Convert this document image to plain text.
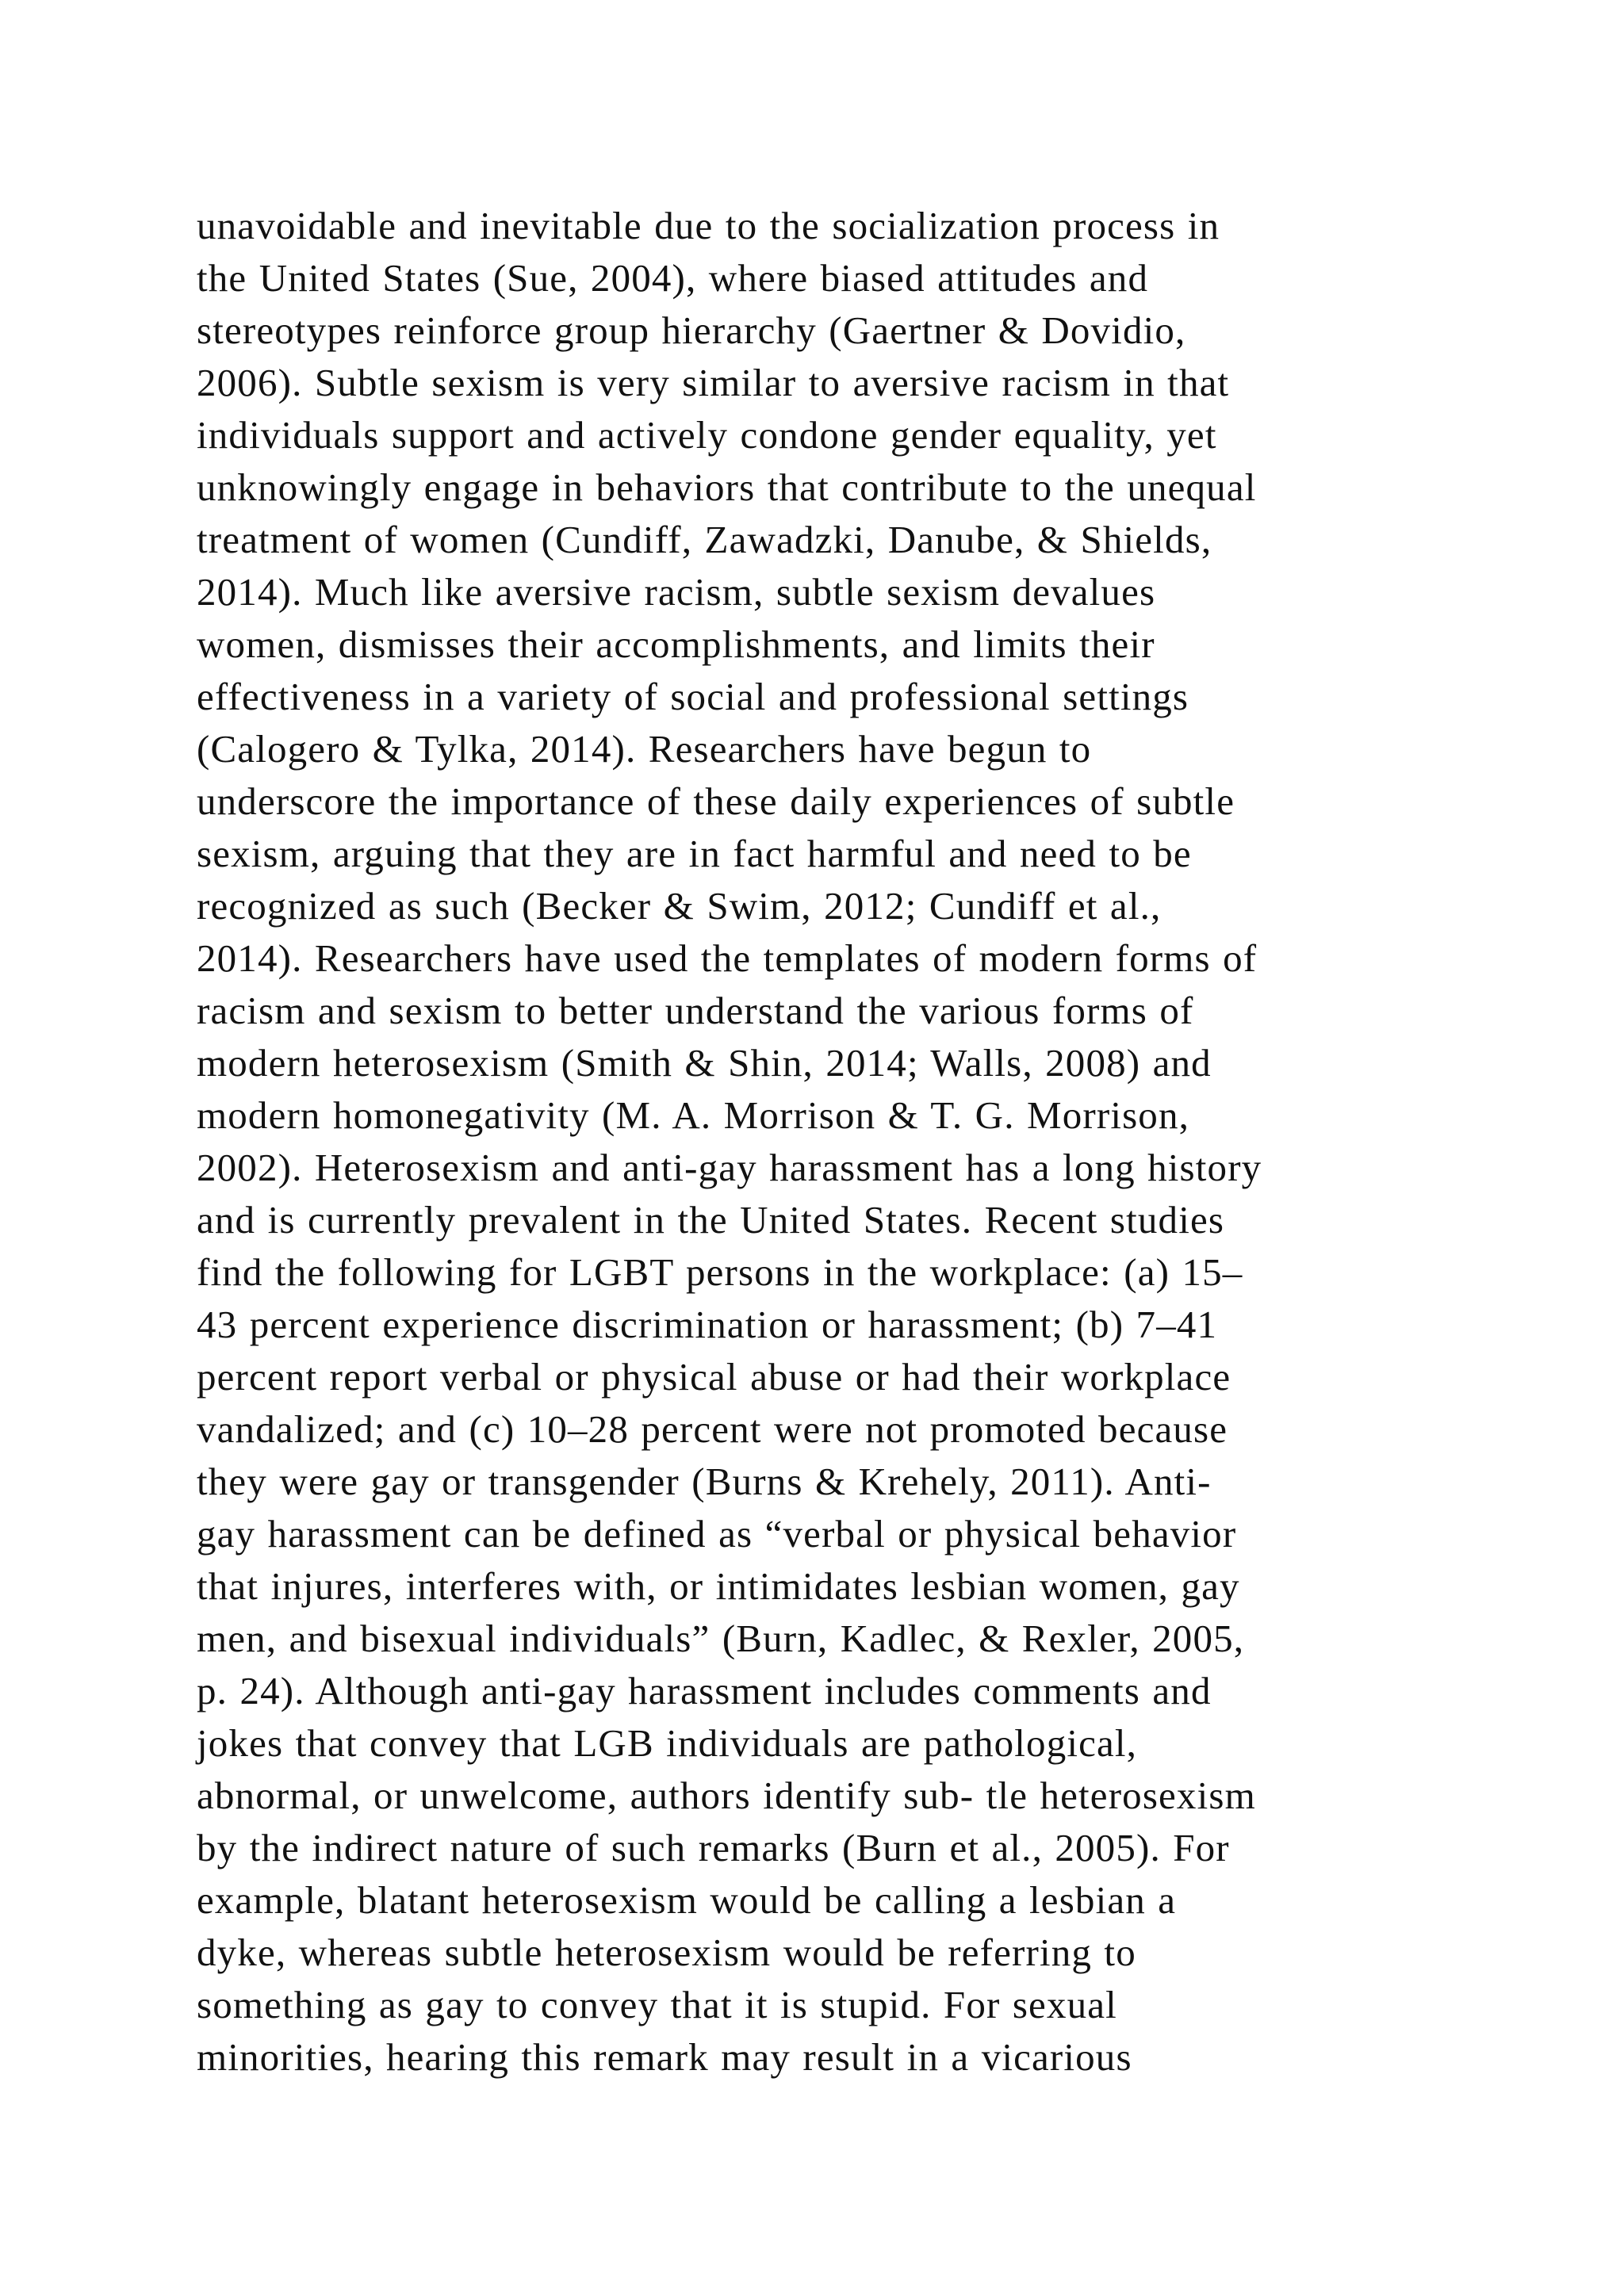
unavoidable and inevitable due to the socialization process in
the United States (Sue, 2004), where biased attitudes and
stereotypes reinforce group hierarchy (Gaertner & Dovidio,
2006). Subtle sexism is very similar to aversive racism in that
individuals support and actively condone gender equality, yet
unknowingly engage in behaviors that contribute to the unequal
treatment of women (Cundiff, Zawadzki, Danube, & Shields,
2014). Much like aversive racism, subtle sexism devalues
women, dismisses their accomplishments, and limits their
effectiveness in a variety of social and professional settings
(Calogero & Tylka, 2014). Researchers have begun to
underscore the importance of these daily experiences of subtle
sexism, arguing that they are in fact harmful and need to be
recognized as such (Becker & Swim, 2012; Cundiff et al.,
2014). Researchers have used the templates of modern forms of
racism and sexism to better understand the various forms of
modern heterosexism (Smith & Shin, 2014; Walls, 2008) and
modern homonegativity (M. A. Morrison & T. G. Morrison,
2002). Heterosexism and anti-gay harassment has a long history
and is currently prevalent in the United States. Recent studies
find the following for LGBT persons in the workplace: (a) 15–
43 percent experience discrimination or harassment; (b) 7–41
percent report verbal or physical abuse or had their workplace
vandalized; and (c) 10–28 percent were not promoted because
they were gay or transgender (Burns & Krehely, 2011). Anti-
gay harassment can be defined as “verbal or physical behavior
that injures, interferes with, or intimidates lesbian women, gay
men, and bisexual individuals” (Burn, Kadlec, & Rexler, 2005,
p. 24). Although anti-gay harassment includes comments and
jokes that convey that LGB individuals are pathological,
abnormal, or unwelcome, authors identify sub- tle heterosexism
by the indirect nature of such remarks (Burn et al., 2005). For
example, blatant heterosexism would be calling a lesbian a
dyke, whereas subtle heterosexism would be referring to
something as gay to convey that it is stupid. For sexual
minorities, hearing this remark may result in a vicarious
